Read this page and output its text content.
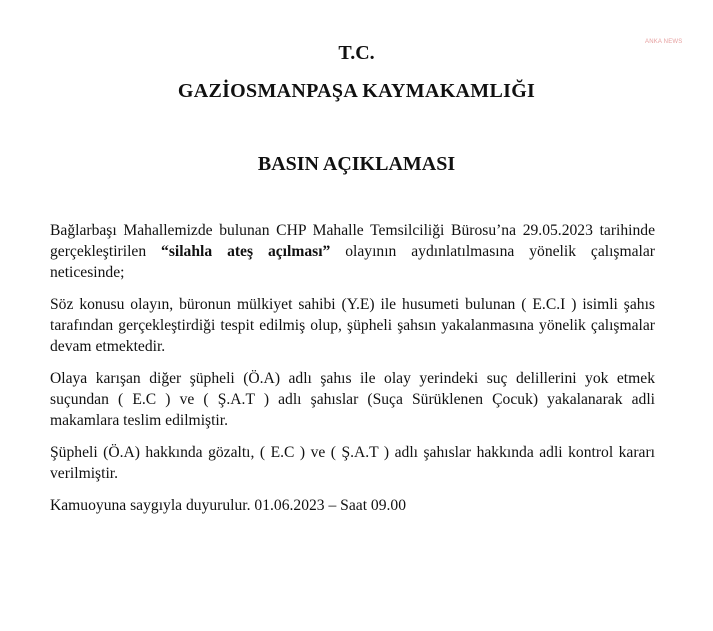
ANKA NEWS
T.C.
GAZİOSMANPAŞA KAYMAKAMLIĞI
BASIN AÇIKLAMASI

Bağlarbaşı Mahallemizde bulunan CHP Mahalle Temsilciliği Bürosu’na 29.05.2023 tarihinde gerçekleştirilen “silahla ateş açılması” olayının aydınlatılmasına yönelik çalışmalar neticesinde;

Söz konusu olayın, büronun mülkiyet sahibi (Y.E) ile husumeti bulunan ( E.C.I ) isimli şahıs tarafından gerçekleştirdiği tespit edilmiş olup, şüpheli şahsın yakalanmasına yönelik çalışmalar devam etmektedir.

Olaya karışan diğer şüpheli (Ö.A) adlı şahıs ile olay yerindeki suç delillerini yok etmek suçundan ( E.C ) ve ( Ş.A.T ) adlı şahıslar (Suça Sürüklenen Çocuk) yakalanarak adli makamlara teslim edilmiştir.

Şüpheli (Ö.A) hakkında gözaltı, ( E.C ) ve ( Ş.A.T ) adlı şahıslar hakkında adli kontrol kararı verilmiştir.

Kamuoyuna saygıyla duyurulur. 01.06.2023 – Saat 09.00
